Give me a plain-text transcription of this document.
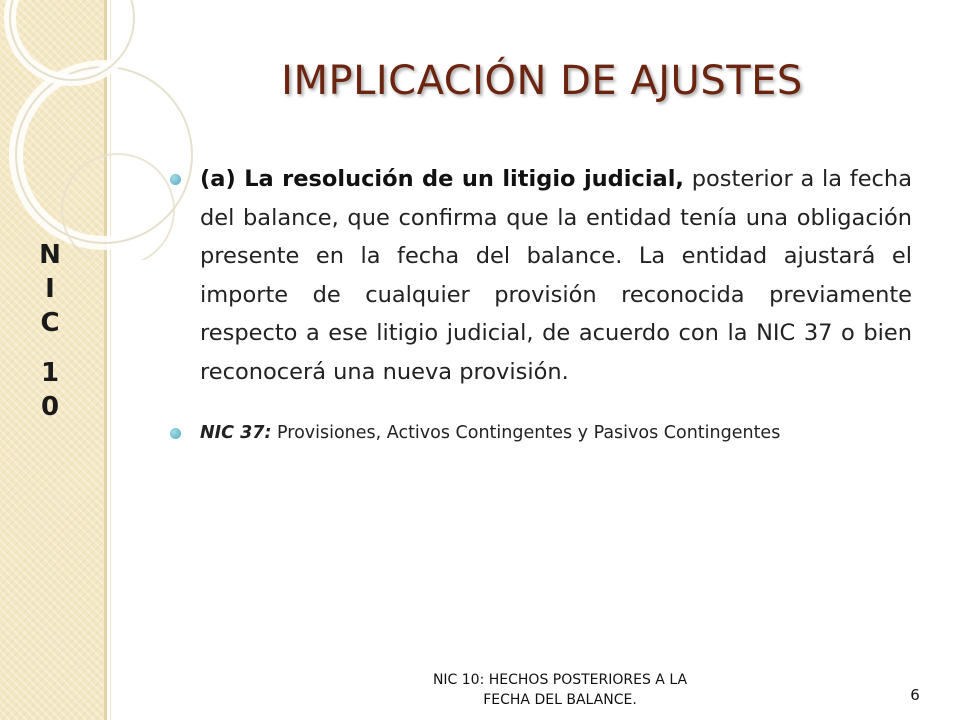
N
I
C
1
0
IMPLICACIÓN DE AJUSTES

(a) La resolución de un litigio judicial, posterior a la fecha del balance, que confirma que la entidad tenía una obligación presente en la fecha del balance. La entidad ajustará el importe de cualquier provisión reconocida previamente respecto a ese litigio judicial, de acuerdo con la NIC 37 o bien reconocerá una nueva provisión.

NIC 37: Provisiones, Activos Contingentes y Pasivos Contingentes

NIC 10: HECHOS POSTERIORES A LA
FECHA DEL BALANCE.	6
